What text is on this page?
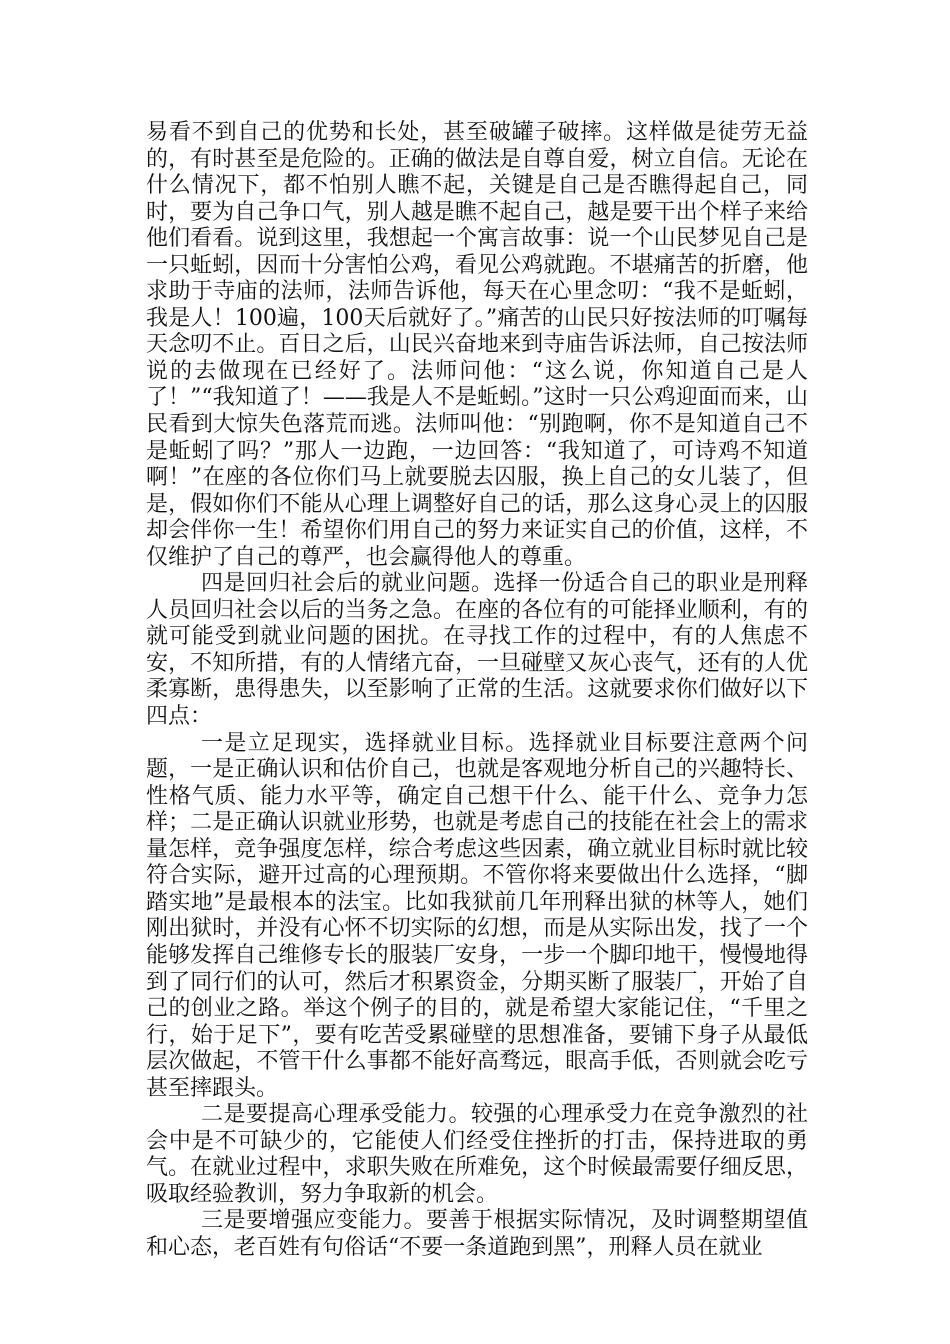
易看不到自己的优势和长处，甚至破罐子破摔。这样做是徒劳无益的，有时甚至是危险的。正确的做法是自尊自爱，树立自信。无论在什么情况下，都不怕别人瞧不起，关键是自己是否瞧得起自己，同时，要为自己争口气，别人越是瞧不起自己，越是要干出个样子来给他们看看。说到这里，我想起一个寓言故事：说一个山民梦见自己是一只蚯蚓，因而十分害怕公鸡，看见公鸡就跑。不堪痛苦的折磨，他求助于寺庙的法师，法师告诉他，每天在心里念叨：“我不是蚯蚓，我是人！100遍，100天后就好了。”痛苦的山民只好按法师的叮嘱每天念叨不止。百日之后，山民兴奋地来到寺庙告诉法师，自己按法师说的去做现在已经好了。法师问他：“这么说，你知道自己是人了！”“我知道了！——我是人不是蚯蚓。”这时一只公鸡迎面而来，山民看到大惊失色落荒而逃。法师叫他：“别跑啊，你不是知道自己不是蚯蚓了吗？”那人一边跑，一边回答：“我知道了，可诗鸡不知道啊！”在座的各位你们马上就要脱去囚服，换上自己的女儿装了，但是，假如你们不能从心理上调整好自己的话，那么这身心灵上的囚服却会伴你一生！希望你们用自己的努力来证实自己的价值，这样，不仅维护了自己的尊严，也会赢得他人的尊重。

四是回归社会后的就业问题。选择一份适合自己的职业是刑释人员回归社会以后的当务之急。在座的各位有的可能择业顺利，有的就可能受到就业问题的困扰。在寻找工作的过程中，有的人焦虑不安，不知所措，有的人情绪亢奋，一旦碰壁又灰心丧气，还有的人优柔寡断，患得患失，以至影响了正常的生活。这就要求你们做好以下四点：

一是立足现实，选择就业目标。选择就业目标要注意两个问题，一是正确认识和估价自己，也就是客观地分析自己的兴趣特长、性格气质、能力水平等，确定自己想干什么、能干什么、竞争力怎样；二是正确认识就业形势，也就是考虑自己的技能在社会上的需求量怎样，竞争强度怎样，综合考虑这些因素，确立就业目标时就比较符合实际，避开过高的心理预期。不管你将来要做出什么选择，“脚踏实地”是最根本的法宝。比如我狱前几年刑释出狱的林等人，她们刚出狱时，并没有心怀不切实际的幻想，而是从实际出发，找了一个能够发挥自己维修专长的服装厂安身，一步一个脚印地干，慢慢地得到了同行们的认可，然后才积累资金，分期买断了服装厂，开始了自己的创业之路。举这个例子的目的，就是希望大家能记住，“千里之行，始于足下”，要有吃苦受累碰壁的思想准备，要铺下身子从最低层次做起，不管干什么事都不能好高骛远，眼高手低，否则就会吃亏甚至摔跟头。

二是要提高心理承受能力。较强的心理承受力在竞争激烈的社会中是不可缺少的，它能使人们经受住挫折的打击，保持进取的勇气。在就业过程中，求职失败在所难免，这个时候最需要仔细反思，吸取经验教训，努力争取新的机会。

三是要增强应变能力。要善于根据实际情况，及时调整期望值和心态，老百姓有句俗话“不要一条道跑到黑”，刑释人员在就业
